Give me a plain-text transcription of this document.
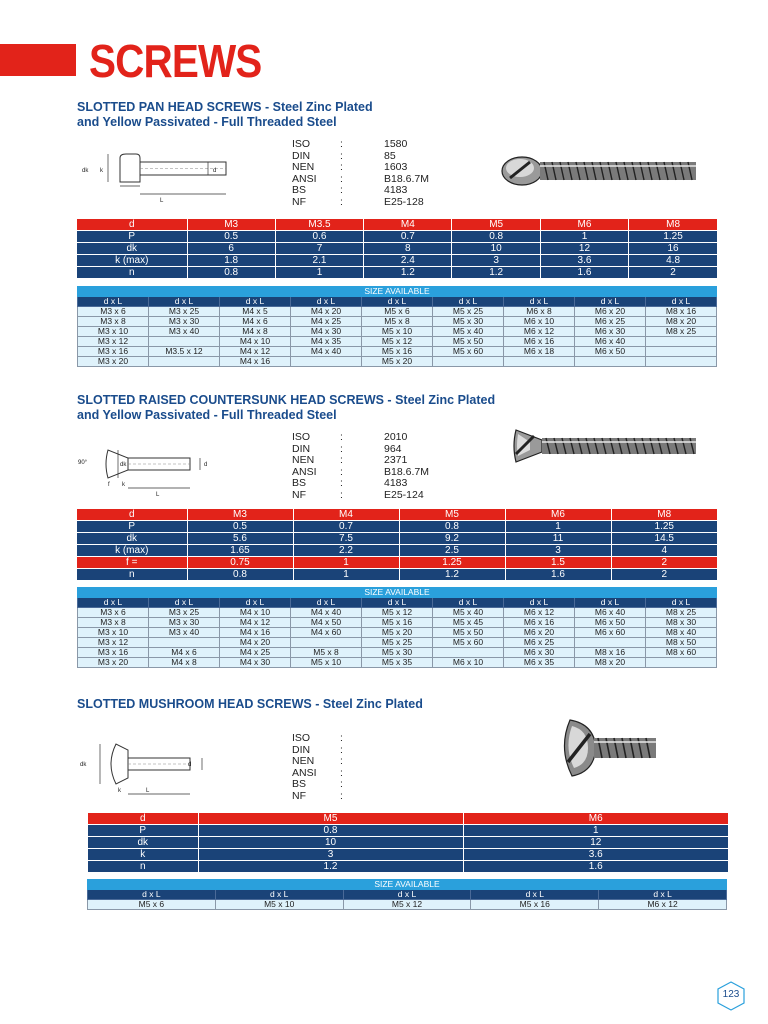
SCREWS
SLOTTED PAN HEAD SCREWS - Steel Zinc Plated
and Yellow Passivated - Full Threaded Steel
dk k	d
L
ISO	:	1580
DIN	:	85
NEN	:	1603
ANSI	:	B18.6.7M
BS	:	4183
NF	:	E25-128
d	M3	M3.5	M4	M5	M6	M8
P	0.5	0.6	0.7	0.8	1	1.25
dk	6	7	8	10	12	16
k (max)	1.8	2.1	2.4	3	3.6	4.8
n	0.8	1	1.2	1.2	1.6	2
SIZE AVAILABLE								
d x L	d x L	d x L	d x L	d x L	d x L	d x L	d x L	d x L
M3 x 6	M3 x 25	M4 x 5	M4 x 20	M5 x 6	M5 x 25	M6 x 8	M6 x 20	M8 x 16
M3 x 8	M3 x 30	M4 x 6	M4 x 25	M5 x 8	M5 x 30	M6 x 10	M6 x 25	M8 x 20
M3 x 10	M3 x 40	M4 x 8	M4 x 30	M5 x 10	M5 x 40	M6 x 12	M6 x 30	M8 x 25
M3 x 12		M4 x 10	M4 x 35	M5 x 12	M5 x 50	M6 x 16	M6 x 40	
M3 x 16	M3.5 x 12	M4 x 12	M4 x 40	M5 x 16	M5 x 60	M6 x 18	M6 x 50	
M3 x 20		M4 x 16		M5 x 20				
SLOTTED RAISED COUNTERSUNK HEAD SCREWS - Steel Zinc Plated
and Yellow Passivated - Full Threaded Steel
90°	dk	d
f k
L
ISO	:	2010
DIN	:	964
NEN	:	2371
ANSI	:	B18.6.7M
BS	:	4183
NF	:	E25-124
d	M3	M4	M5	M6	M8
P	0.5	0.7	0.8	1	1.25
dk	5.6	7.5	9.2	11	14.5
k (max)	1.65	2.2	2.5	3	4
f =	0.75	1	1.25	1.5	2
n	0.8	1	1.2	1.6	2
SIZE AVAILABLE								
d x L	d x L	d x L	d x L	d x L	d x L	d x L	d x L	d x L
M3 x 6	M3 x 25	M4 x 10	M4 x 40	M5 x 12	M5 x 40	M6 x 12	M6 x 40	M8 x 25
M3 x 8	M3 x 30	M4 x 12	M4 x 50	M5 x 16	M5 x 45	M6 x 16	M6 x 50	M8 x 30
M3 x 10	M3 x 40	M4 x 16	M4 x 60	M5 x 20	M5 x 50	M6 x 20	M6 x 60	M8 x 40
M3 x 12		M4 x 20		M5 x 25	M5 x 60	M6 x 25		M8 x 50
M3 x 16	M4 x 6	M4 x 25	M5 x 8	M5 x 30		M6 x 30	M8 x 16	M8 x 60
M3 x 20	M4 x 8	M4 x 30	M5 x 10	M5 x 35	M6 x 10	M6 x 35	M8 x 20	
SLOTTED MUSHROOM HEAD SCREWS - Steel Zinc Plated
dk	d
k	L
ISO	:
DIN	:
NEN	:
ANSI	:
BS	:
NF	:
d	M5	M6
P	0.8	1
dk	10	12
k	3	3.6
n	1.2	1.6
SIZE AVAILABLE				
d x L	d x L	d x L	d x L	d x L
M5 x 6	M5 x 10	M5 x 12	M5 x 16	M6 x 12
123
